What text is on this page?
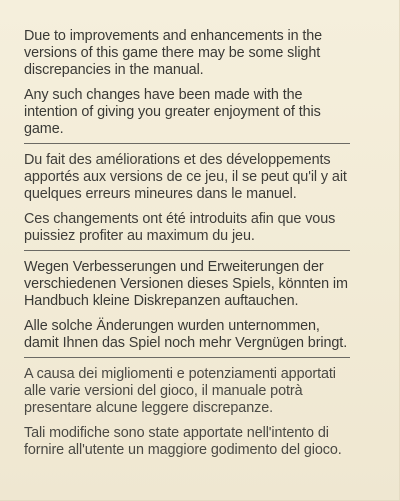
Due to improvements and enhancements in the versions of this game there may be some slight discrepancies in the manual.

Any such changes have been made with the intention of giving you greater enjoyment of this game.

Du fait des améliorations et des développements apportés aux versions de ce jeu, il se peut qu'il y ait quelques erreurs mineures dans le manuel.

Ces changements ont été introduits afin que vous puissiez profiter au maximum du jeu.

Wegen Verbesserungen und Erweiterungen der verschiedenen Versionen dieses Spiels, könnten im Handbuch kleine Diskrepanzen auftauchen.

Alle solche Änderungen wurden unternommen, damit Ihnen das Spiel noch mehr Vergnügen bringt.

A causa dei migliomenti e potenziamenti apportati alle varie versioni del gioco, il manuale potrà presentare alcune leggere discrepanze.

Tali modifiche sono state apportate nell'intento di fornire all'utente un maggiore godimento del gioco.
